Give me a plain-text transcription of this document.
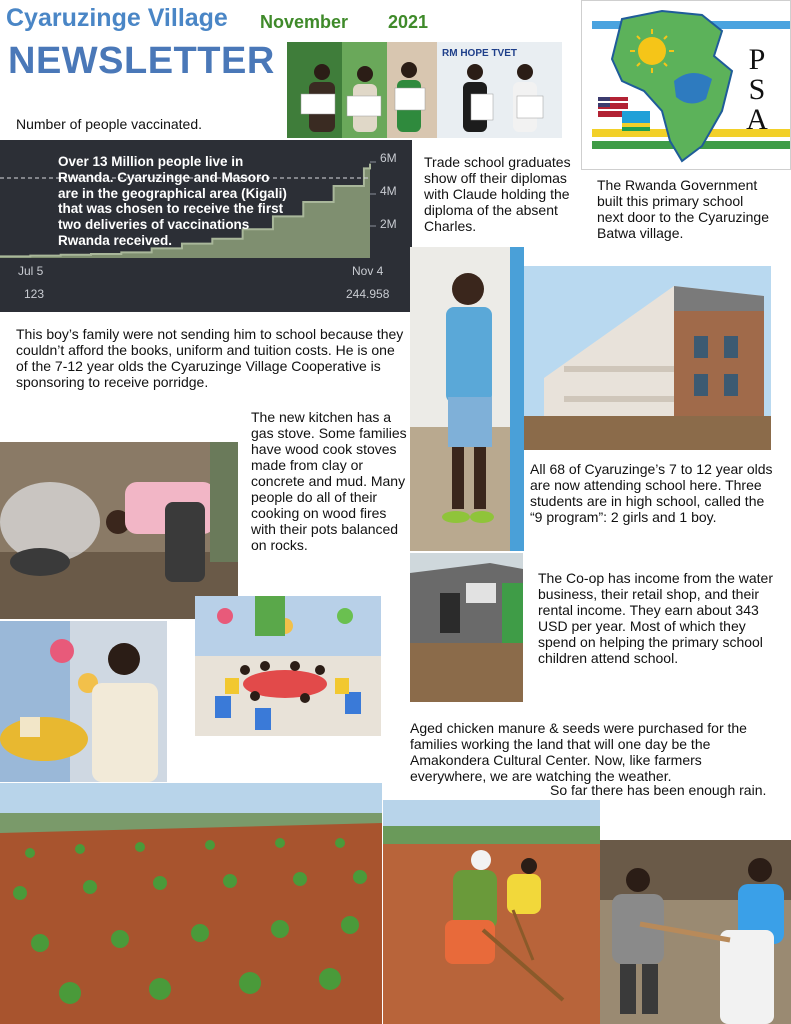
Cyaruzinge Village
NEWSLETTER
November 2021
RM HOPE TVET	P
S
A
Number of people vaccinated.
Over 13 Million people live in Rwanda. Cyaruzinge and Masoro are in the geographical area (Kigali) that was chosen to receive the first two deliveries of vaccinations Rwanda received.
6M
4M
2M
Jul 5	Nov 4
123	244.958
Trade school graduates show off their diplomas with Claude holding the diploma of the absent Charles.
The Rwanda Government built this primary school next door to the Cyaruzinge Batwa village.
This boy’s family were not sending him to school because they couldn’t afford the books, uniform and tuition costs. He is one of the 7-12 year olds the Cyaruzinge Village Cooperative is sponsoring to receive porridge.
The new kitchen has a gas stove. Some families have wood cook stoves made from clay or concrete and mud. Many people do all of their cooking on wood fires with their pots balanced on rocks.
All 68 of Cyaruzinge’s 7 to 12 year olds are now attending school here. Three students are in high school, called the “9 program”: 2 girls and 1 boy.
The Co-op has income from the water business, their retail shop, and their rental income. They earn about 343 USD per year. Most of which they spend on helping the primary school children attend school.
Aged chicken manure & seeds were purchased for the families working the land that will one day be the Amakondera Cultural Center. Now, like farmers everywhere, we are watching the weather.
So far there has been enough rain.
